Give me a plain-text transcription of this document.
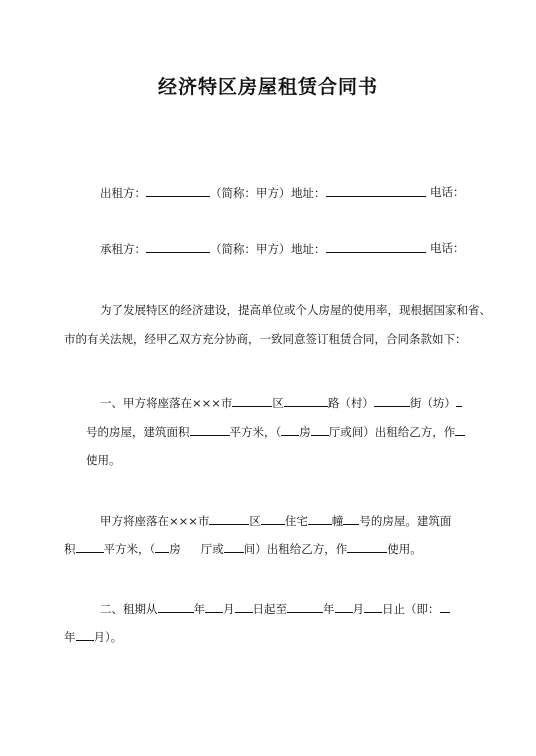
经济特区房屋租赁合同书
出租方：	（简称：甲方） 地址：	电话：
承租方：	（简称：甲方） 地址：	电话：
为了发展特区的经济建设，提高单位或个人房屋的使用率，现根据国家和省、
市的有关法规，经甲乙双方充分协商，一致同意签订租赁合同，合同条款如下：
一、甲方将座落在×××市	区	路（村）	街（坊）
号的房屋，建筑面积	平方米，（ 房 厅或间）出租给乙方，作
使用。
甲方将座落在×××市	区 住宅 幢 号的房屋。建筑面
积 平方米，（ 房 厅或 间）出租给乙方，作	使用。
二、租期从	年 月 日起至	年 月 日止（即：
年 月）。
